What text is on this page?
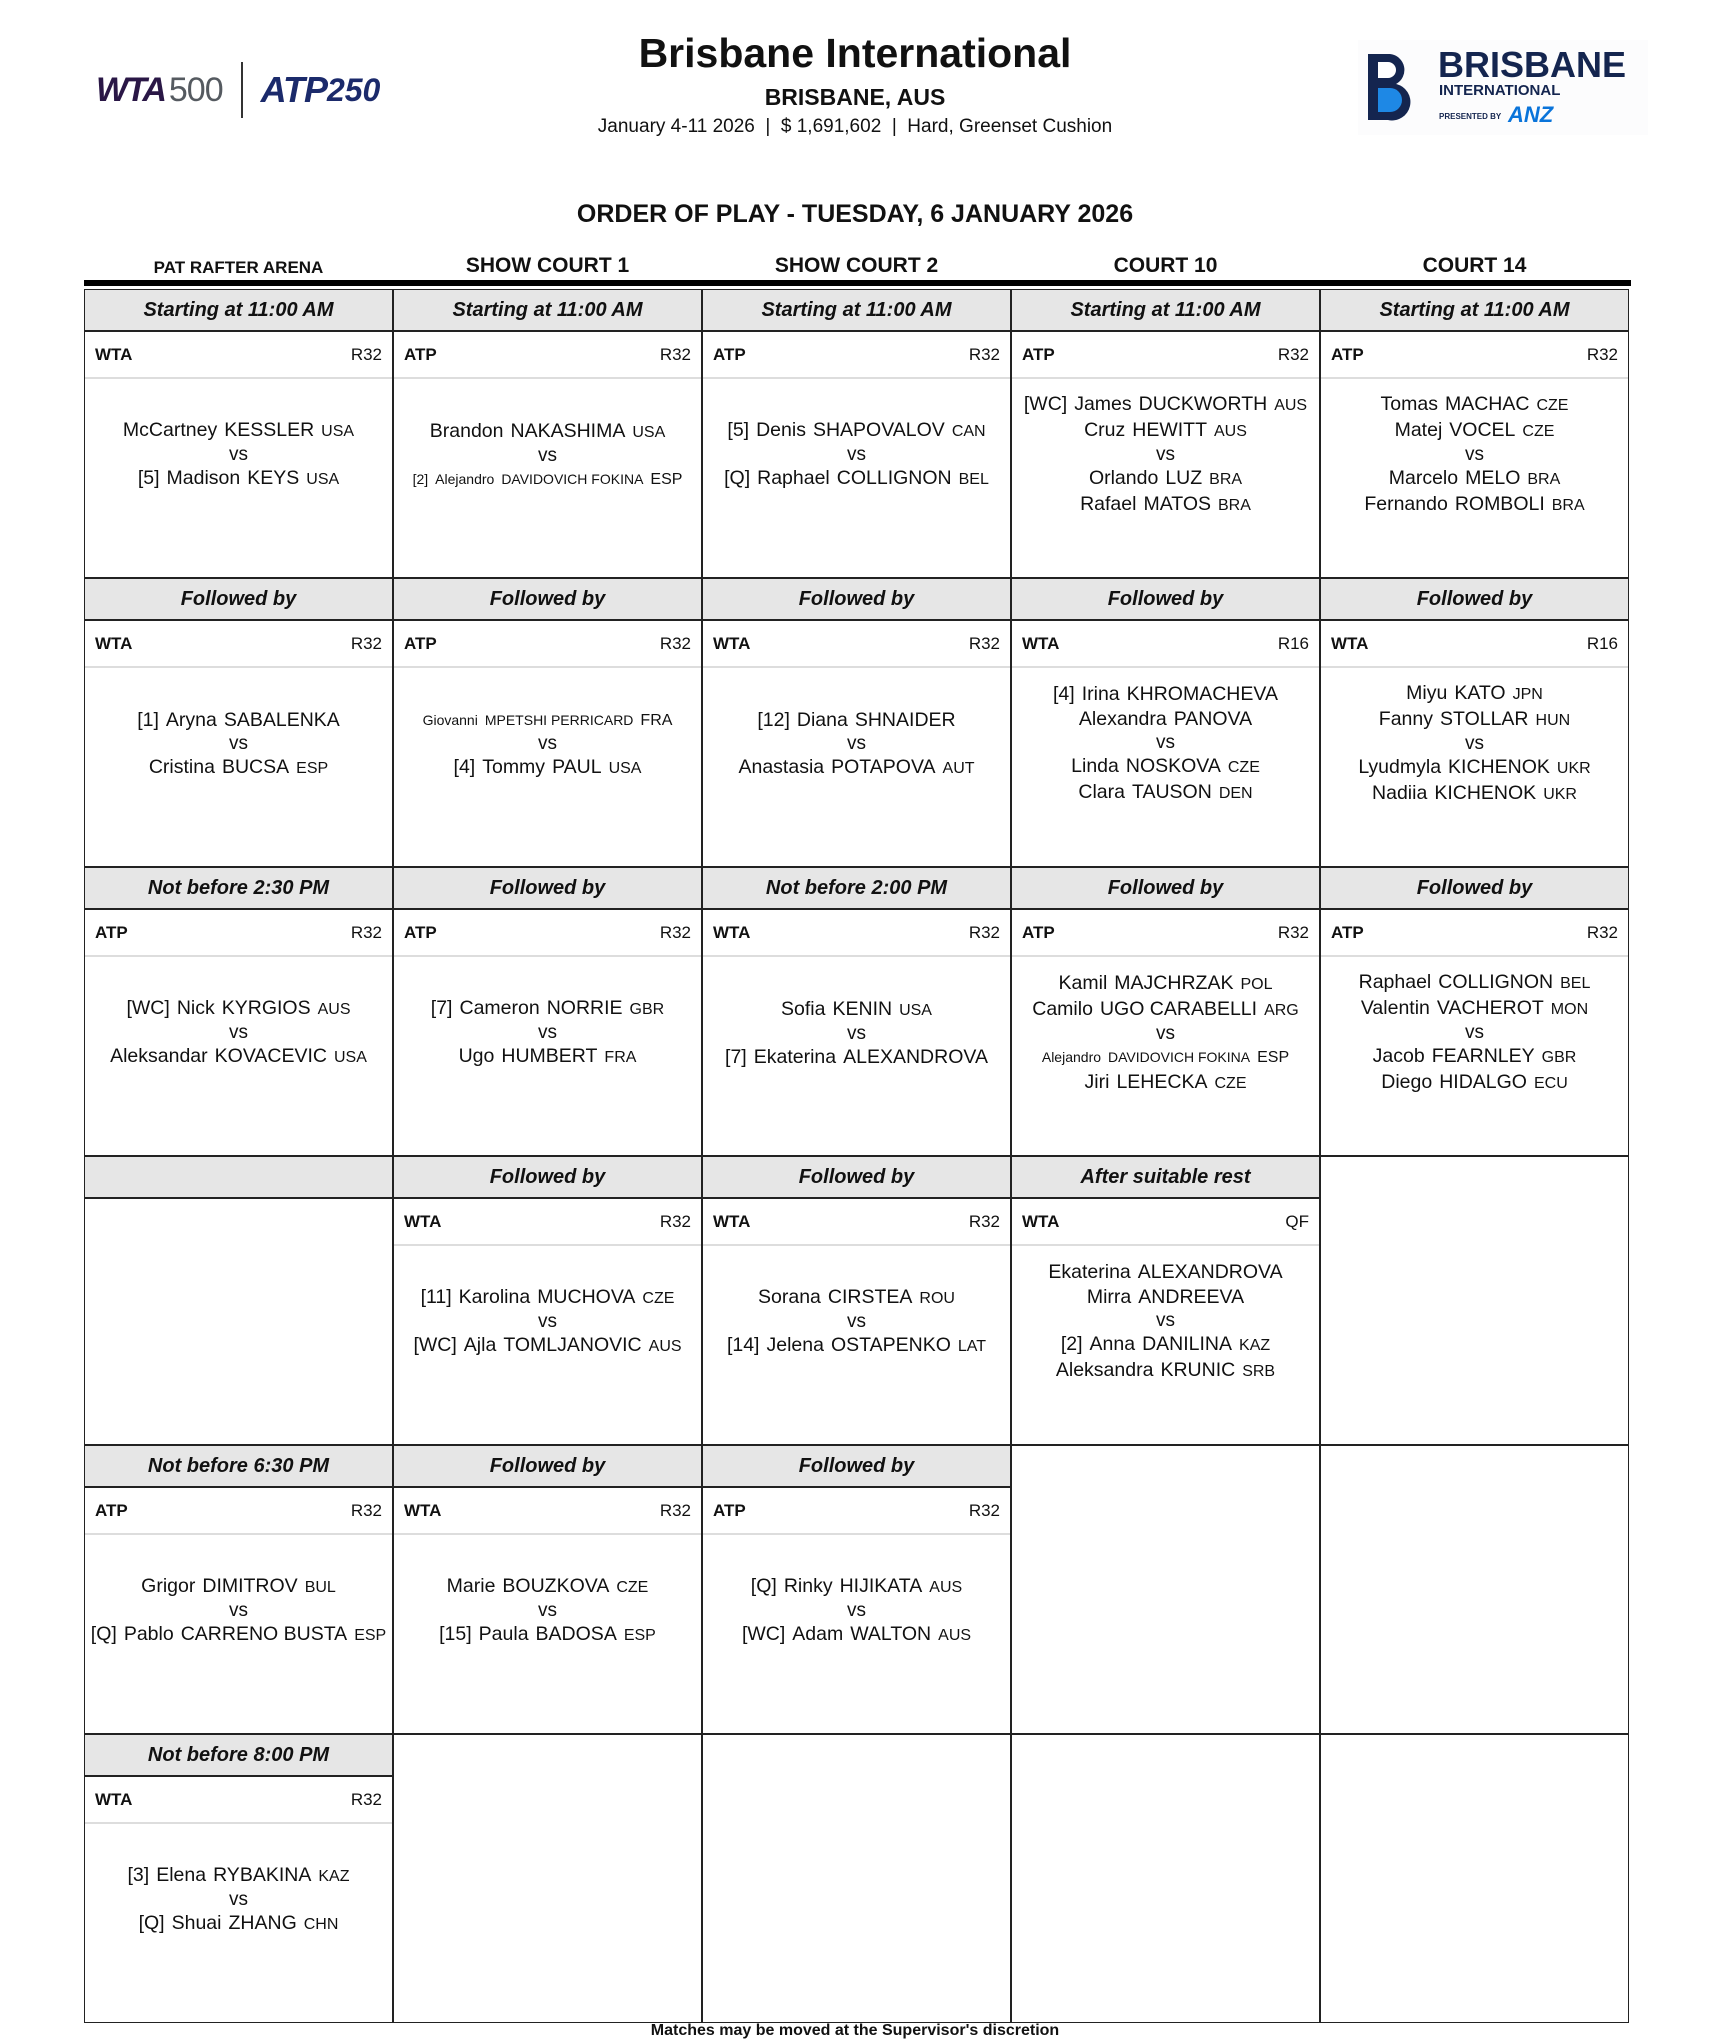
WTA 500 ATP 250
Brisbane International
BRISBANE, AUS
January 4-11 2026  |  $ 1,691,602  |  Hard, Greenset Cushion
BRISBANE
INTERNATIONAL
PRESENTED BY ANZ
ORDER OF PLAY - TUESDAY, 6 JANUARY 2026
PAT RAFTER ARENA
Starting at 11:00 AM
WTA	R32
McCartney KESSLER USA
vs
[5] Madison KEYS USA
Followed by
WTA	R32
[1] Aryna SABALENKA
vs
Cristina BUCSA ESP
Not before 2:30 PM
ATP	R32
[WC] Nick KYRGIOS AUS
vs
Aleksandar KOVACEVIC USA
Not before 6:30 PM
ATP	R32
Grigor DIMITROV BUL
vs
[Q] Pablo CARRENO BUSTA ESP
Not before 8:00 PM
WTA	R32
[3] Elena RYBAKINA KAZ
vs
[Q] Shuai ZHANG CHN
SHOW COURT 1
Starting at 11:00 AM
ATP	R32
Brandon NAKASHIMA USA
vs
[2] Alejandro DAVIDOVICH FOKINA ESP
Followed by
ATP	R32
Giovanni MPETSHI PERRICARD FRA
vs
[4] Tommy PAUL USA
Followed by
ATP	R32
[7] Cameron NORRIE GBR
vs
Ugo HUMBERT FRA
Followed by
WTA	R32
[11] Karolina MUCHOVA CZE
vs
[WC] Ajla TOMLJANOVIC AUS
Followed by
WTA	R32
Marie BOUZKOVA CZE
vs
[15] Paula BADOSA ESP
SHOW COURT 2
Starting at 11:00 AM
ATP	R32
[5] Denis SHAPOVALOV CAN
vs
[Q] Raphael COLLIGNON BEL
Followed by
WTA	R32
[12] Diana SHNAIDER
vs
Anastasia POTAPOVA AUT
Not before 2:00 PM
WTA	R32
Sofia KENIN USA
vs
[7] Ekaterina ALEXANDROVA
Followed by
WTA	R32
Sorana CIRSTEA ROU
vs
[14] Jelena OSTAPENKO LAT
Followed by
ATP	R32
[Q] Rinky HIJIKATA AUS
vs
[WC] Adam WALTON AUS
COURT 10
Starting at 11:00 AM
ATP	R32
[WC] James DUCKWORTH AUS
Cruz HEWITT AUS
vs
Orlando LUZ BRA
Rafael MATOS BRA
Followed by
WTA	R16
[4] Irina KHROMACHEVA
Alexandra PANOVA
vs
Linda NOSKOVA CZE
Clara TAUSON DEN
Followed by
ATP	R32
Kamil MAJCHRZAK POL
Camilo UGO CARABELLI ARG
vs
Alejandro DAVIDOVICH FOKINA ESP
Jiri LEHECKA CZE
After suitable rest
WTA	QF
Ekaterina ALEXANDROVA
Mirra ANDREEVA
vs
[2] Anna DANILINA KAZ
Aleksandra KRUNIC SRB
COURT 14
Starting at 11:00 AM
ATP	R32
Tomas MACHAC CZE
Matej VOCEL CZE
vs
Marcelo MELO BRA
Fernando ROMBOLI BRA
Followed by
WTA	R16
Miyu KATO JPN
Fanny STOLLAR HUN
vs
Lyudmyla KICHENOK UKR
Nadiia KICHENOK UKR
Followed by
ATP	R32
Raphael COLLIGNON BEL
Valentin VACHEROT MON
vs
Jacob FEARNLEY GBR
Diego HIDALGO ECU
Matches may be moved at the Supervisor's discretion
